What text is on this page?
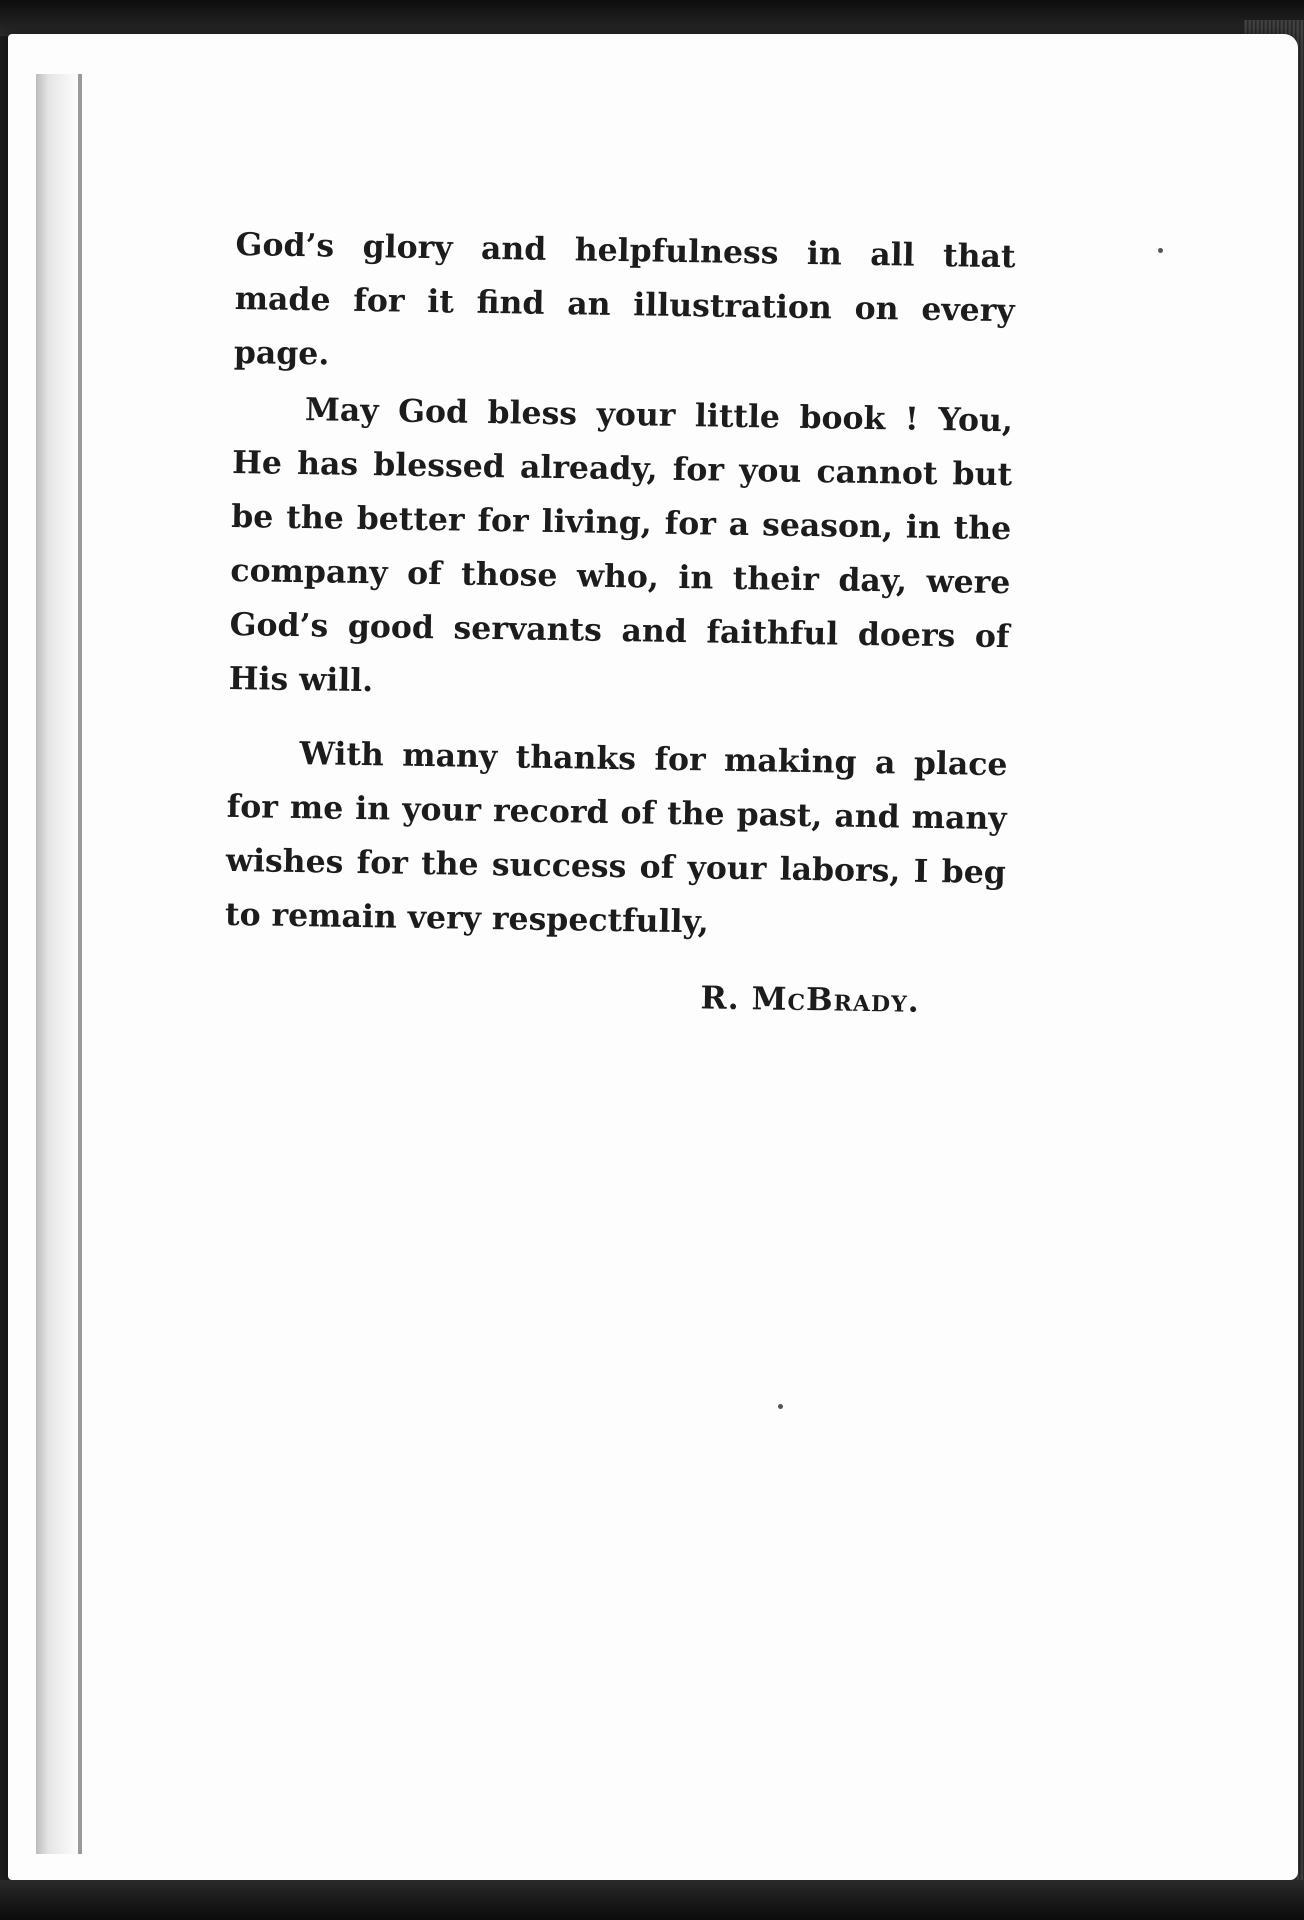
God’s glory and helpfulness in all that made for it find an illustration on every page.

May God bless your little book ! You, He has blessed already, for you cannot but be the better for living, for a season, in the company of those who, in their day, were God’s good servants and faithful doers of His will.

With many thanks for making a place for me in your record of the past, and many wishes for the success of your labors, I beg to remain very respectfully,

R. McBrady.
